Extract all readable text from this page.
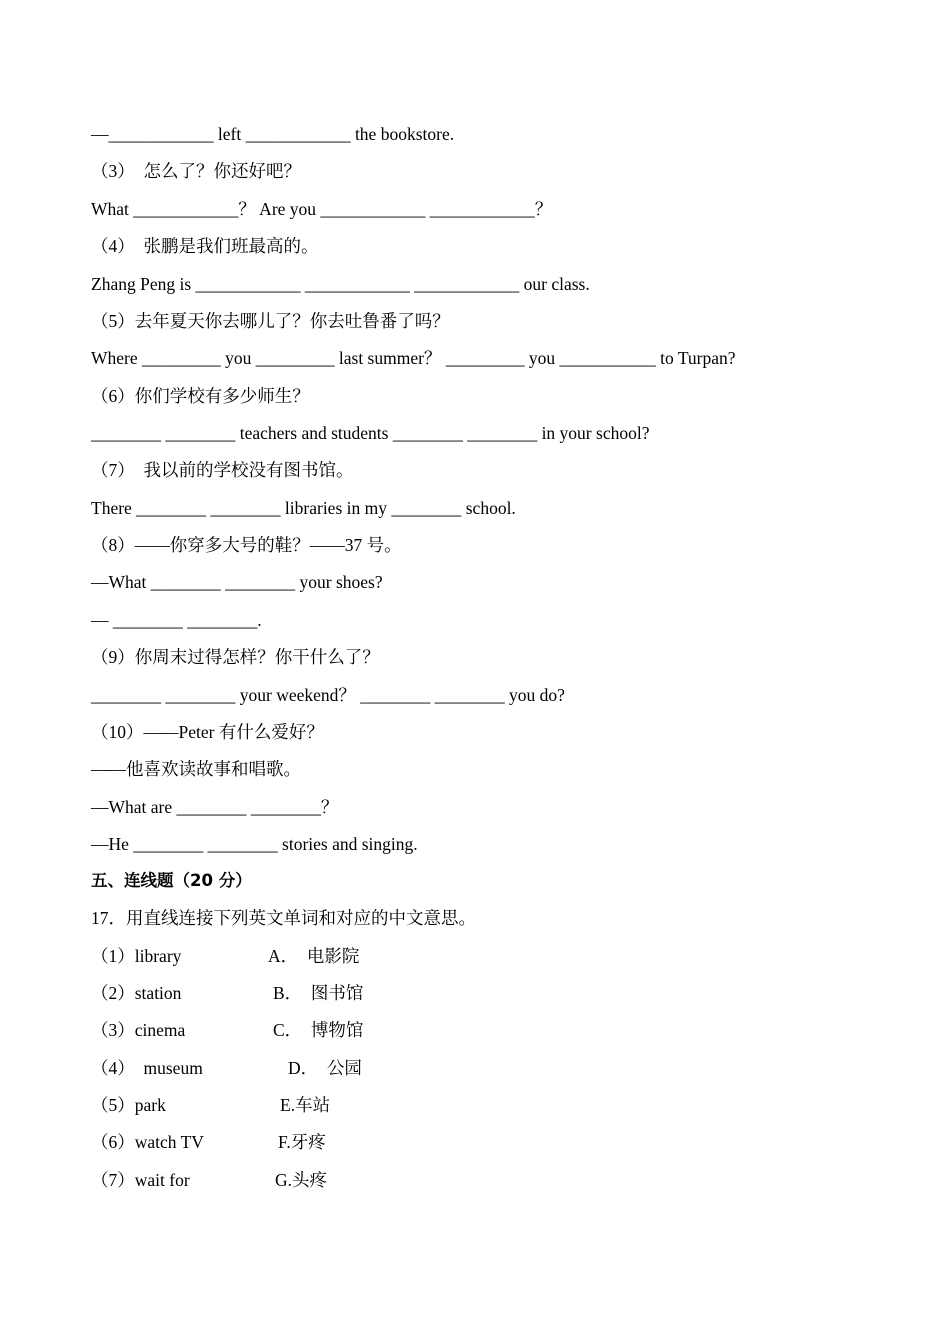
—____________ left ____________ the bookstore.
（3）  怎么了？你还好吧？
What ____________？ Are you ____________ ____________？
（4）  张鹏是我们班最高的。
Zhang Peng is ____________ ____________ ____________ our class.
（5）去年夏天你去哪儿了？你去吐鲁番了吗？
Where _________ you _________ last summer？ _________ you ___________ to Turpan?
（6）你们学校有多少师生？
________ ________ teachers and students ________ ________ in your school?
（7）  我以前的学校没有图书馆。
There ________ ________ libraries in my ________ school.
（8）——你穿多大号的鞋？——37 号。
—What ________ ________ your shoes?
— ________ ________.
（9）你周末过得怎样？你干什么了？
________ ________ your weekend？ ________ ________ you do?
（10）——Peter 有什么爱好？
——他喜欢读故事和唱歌。
—What are ________ ________？
—He ________ ________ stories and singing.
五、连线题（20 分）
17．用直线连接下列英文单词和对应的中文意思。
（1）library	A．  电影院
（2）station	B．  图书馆
（3）cinema	C．  博物馆
（4）  museum	D．  公园
（5）park	E.车站
（6）watch TV	F.牙疼
（7）wait for	G.头疼
